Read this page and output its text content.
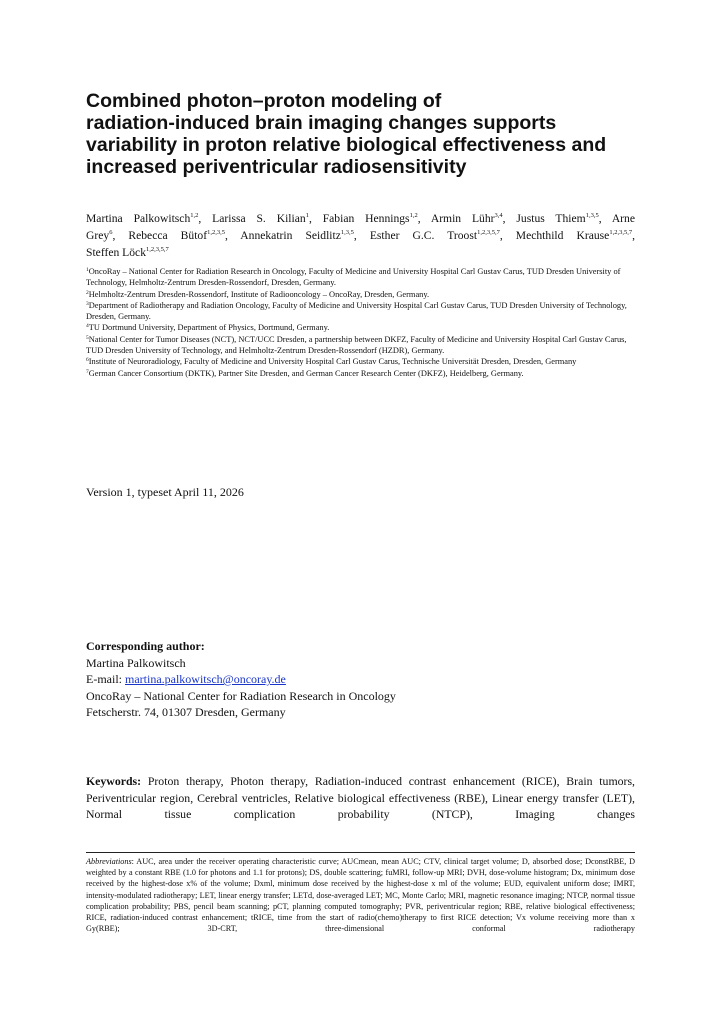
Combined photon–proton modeling of
radiation-induced brain imaging changes supports
variability in proton relative biological effectiveness and
increased periventricular radiosensitivity
Martina Palkowitsch$^{1,2}$, Larissa S. Kilian$^1$, Fabian Hennings$^{1,2}$, Armin Lühr$^{3,4}$, Justus Thiem$^{1,3,5}$, Arne
Grey$^6$, Rebecca Bütof$^{1,2,3,5}$, Annekatrin Seidlitz$^{1,3,5}$, Esther G.C. Troost$^{1,2,3,5,7}$, Mechthild Krause$^{1,2,3,5,7}$,
Steffen Löck$^{1,2,3,5,7}$

$^1$OncoRay – National Center for Radiation Research in Oncology, Faculty of Medicine and University Hospital Carl Gustav Carus, TUD Dresden University of Technology, Helmholtz-Zentrum Dresden-Rossendorf, Dresden, Germany.

$^2$Helmholtz-Zentrum Dresden-Rossendorf, Institute of Radiooncology – OncoRay, Dresden, Germany.

$^3$Department of Radiotherapy and Radiation Oncology, Faculty of Medicine and University Hospital Carl Gustav Carus, TUD Dresden University of Technology, Dresden, Germany.

$^4$TU Dortmund University, Department of Physics, Dortmund, Germany.

$^5$National Center for Tumor Diseases (NCT), NCT/UCC Dresden, a partnership between DKFZ, Faculty of Medicine and University Hospital Carl Gustav Carus, TUD Dresden University of Technology, and Helmholtz-Zentrum Dresden-Rossendorf (HZDR), Germany.

$^6$Institute of Neuroradiology, Faculty of Medicine and University Hospital Carl Gustav Carus, Technische Universität Dresden, Dresden, Germany

$^7$German Cancer Consortium (DKTK), Partner Site Dresden, and German Cancer Research Center (DKFZ), Heidelberg, Germany.

Version 1, typeset April 11, 2026

Corresponding author:

Martina Palkowitsch

E-mail: martina.palkowitsch@oncoray.de

OncoRay – National Center for Radiation Research in Oncology

Fetscherstr. 74, 01307 Dresden, Germany

Keywords: Proton therapy, Photon therapy, Radiation-induced contrast enhancement (RICE), Brain tumors, Periventricular region, Cerebral ventricles, Relative biological effectiveness (RBE), Linear energy transfer (LET), Normal tissue complication probability (NTCP), Imaging changes
Abbreviations: AUC, area under the receiver operating characteristic curve; AUCmean, mean AUC; CTV, clinical target volume; D, absorbed dose; DconstRBE, D weighted by a constant RBE (1.0 for photons and 1.1 for protons); DS, double scattering; fuMRI, follow-up MRI; DVH, dose-volume histogram; Dx, minimum dose received by the highest-dose x% of the volume; Dxml, minimum dose received by the highest-dose x ml of the volume; EUD, equivalent uniform dose; IMRT, intensity-modulated radiotherapy; LET, linear energy transfer; LETd, dose-averaged LET; MC, Monte Carlo; MRI, magnetic resonance imaging; NTCP, normal tissue complication probability; PBS, pencil beam scanning; pCT, planning computed tomography; PVR, periventricular region; RBE, relative biological effectiveness; RICE, radiation-induced contrast enhancement; tRICE, time from the start of radio(chemo)therapy to first RICE detection; Vx volume receiving more than x Gy(RBE); 3D-CRT, three-dimensional conformal radiotherapy
